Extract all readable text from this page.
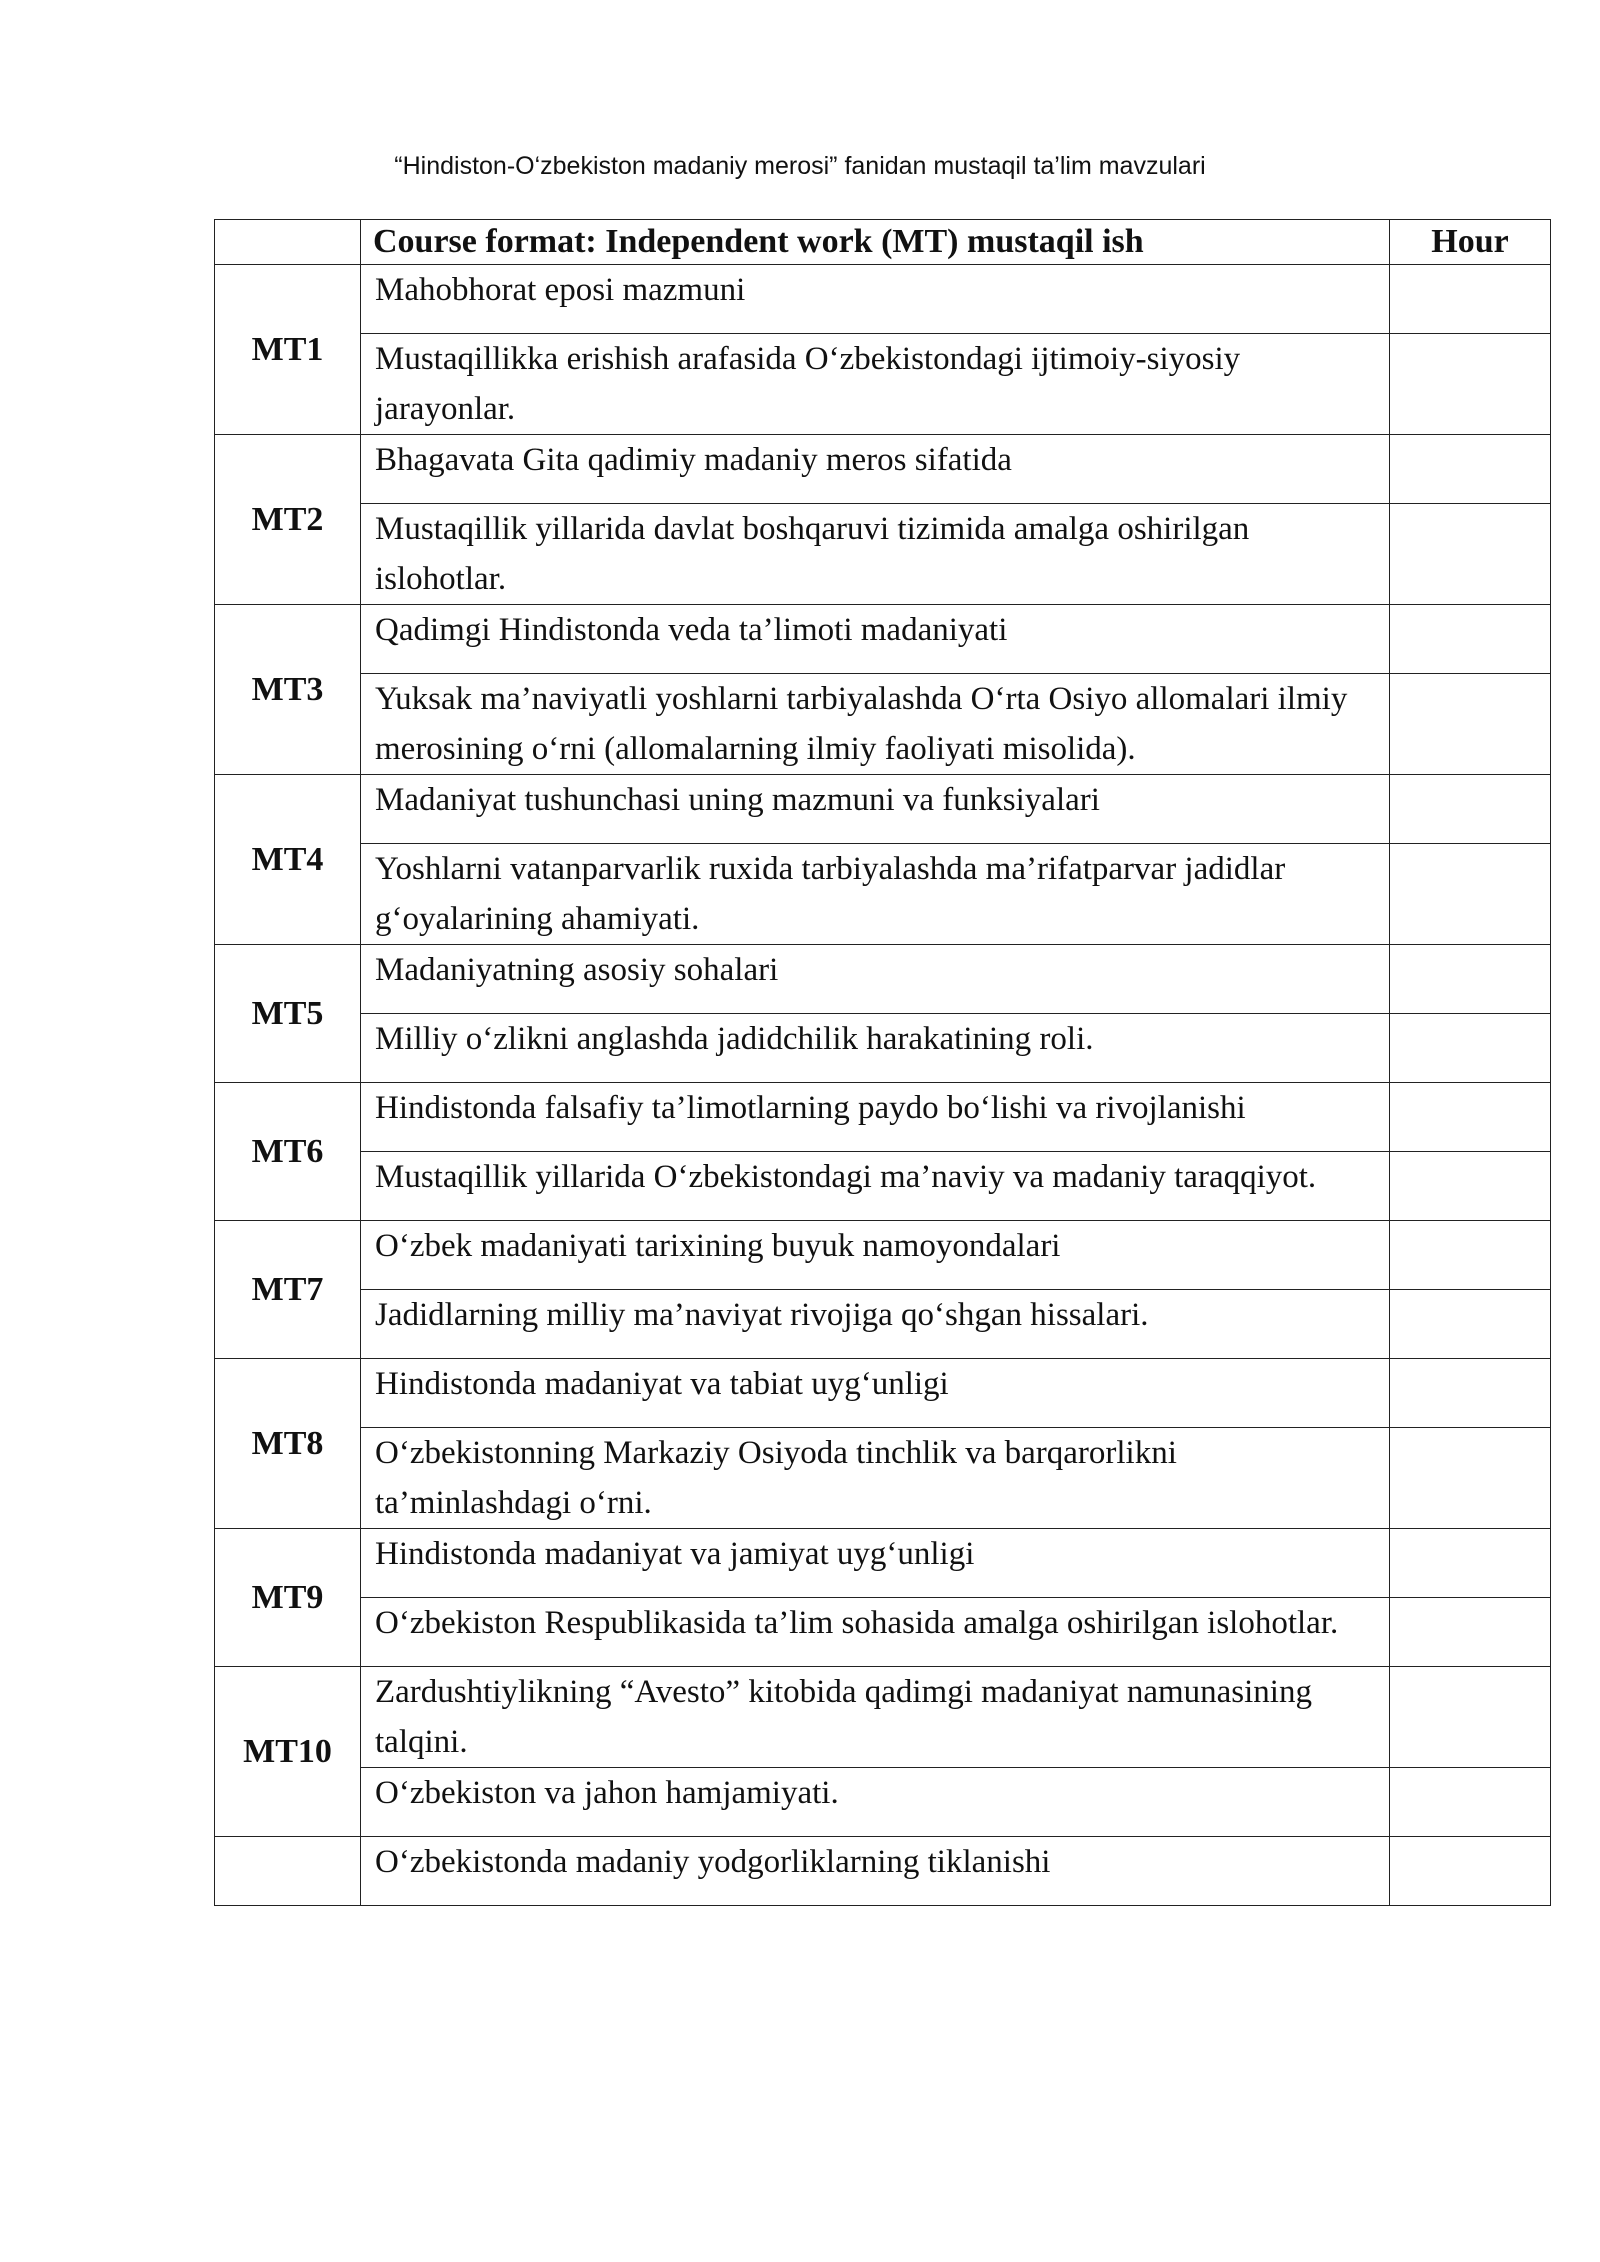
“Hindiston-O‘zbekiston madaniy merosi” fanidan mustaqil ta’lim mavzulari
	Course format: Independent work (MT) mustaqil ish	Hour
MT1	Mahobhorat eposi mazmuni	
	Mustaqillikka erishish arafasida O‘zbekistondagi ijtimoiy-siyosiy jarayonlar.	
MT2	Bhagavata Gita qadimiy madaniy meros sifatida	
	Mustaqillik yillarida davlat boshqaruvi tizimida amalga oshirilgan islohotlar.	
MT3	Qadimgi Hindistonda veda ta’limoti madaniyati	
	Yuksak ma’naviyatli yoshlarni tarbiyalashda O‘rta Osiyo allomalari ilmiy merosining o‘rni (allomalarning ilmiy faoliyati misolida).	
MT4	Madaniyat tushunchasi uning mazmuni va funksiyalari	
	Yoshlarni vatanparvarlik ruxida tarbiyalashda ma’rifatparvar jadidlar g‘oyalarining ahamiyati.	
MT5	Madaniyatning asosiy sohalari	
	Milliy o‘zlikni anglashda jadidchilik harakatining roli.	
MT6	Hindistonda falsafiy ta’limotlarning paydo bo‘lishi va rivojlanishi	
	Mustaqillik yillarida O‘zbekistondagi ma’naviy va madaniy taraqqiyot.	
MT7	O‘zbek madaniyati tarixining buyuk namoyondalari	
	Jadidlarning milliy ma’naviyat rivojiga qo‘shgan hissalari.	
MT8	Hindistonda madaniyat va tabiat uyg‘unligi	
	O‘zbekistonning Markaziy Osiyoda tinchlik va barqarorlikni ta’minlashdagi o‘rni.	
MT9	Hindistonda madaniyat va jamiyat uyg‘unligi	
	O‘zbekiston Respublikasida ta’lim sohasida amalga oshirilgan islohotlar.	
MT10	Zardushtiylikning “Avesto” kitobida qadimgi madaniyat namunasining talqini.	
	O‘zbekiston va jahon hamjamiyati.	
	O‘zbekistonda madaniy yodgorliklarning tiklanishi	
